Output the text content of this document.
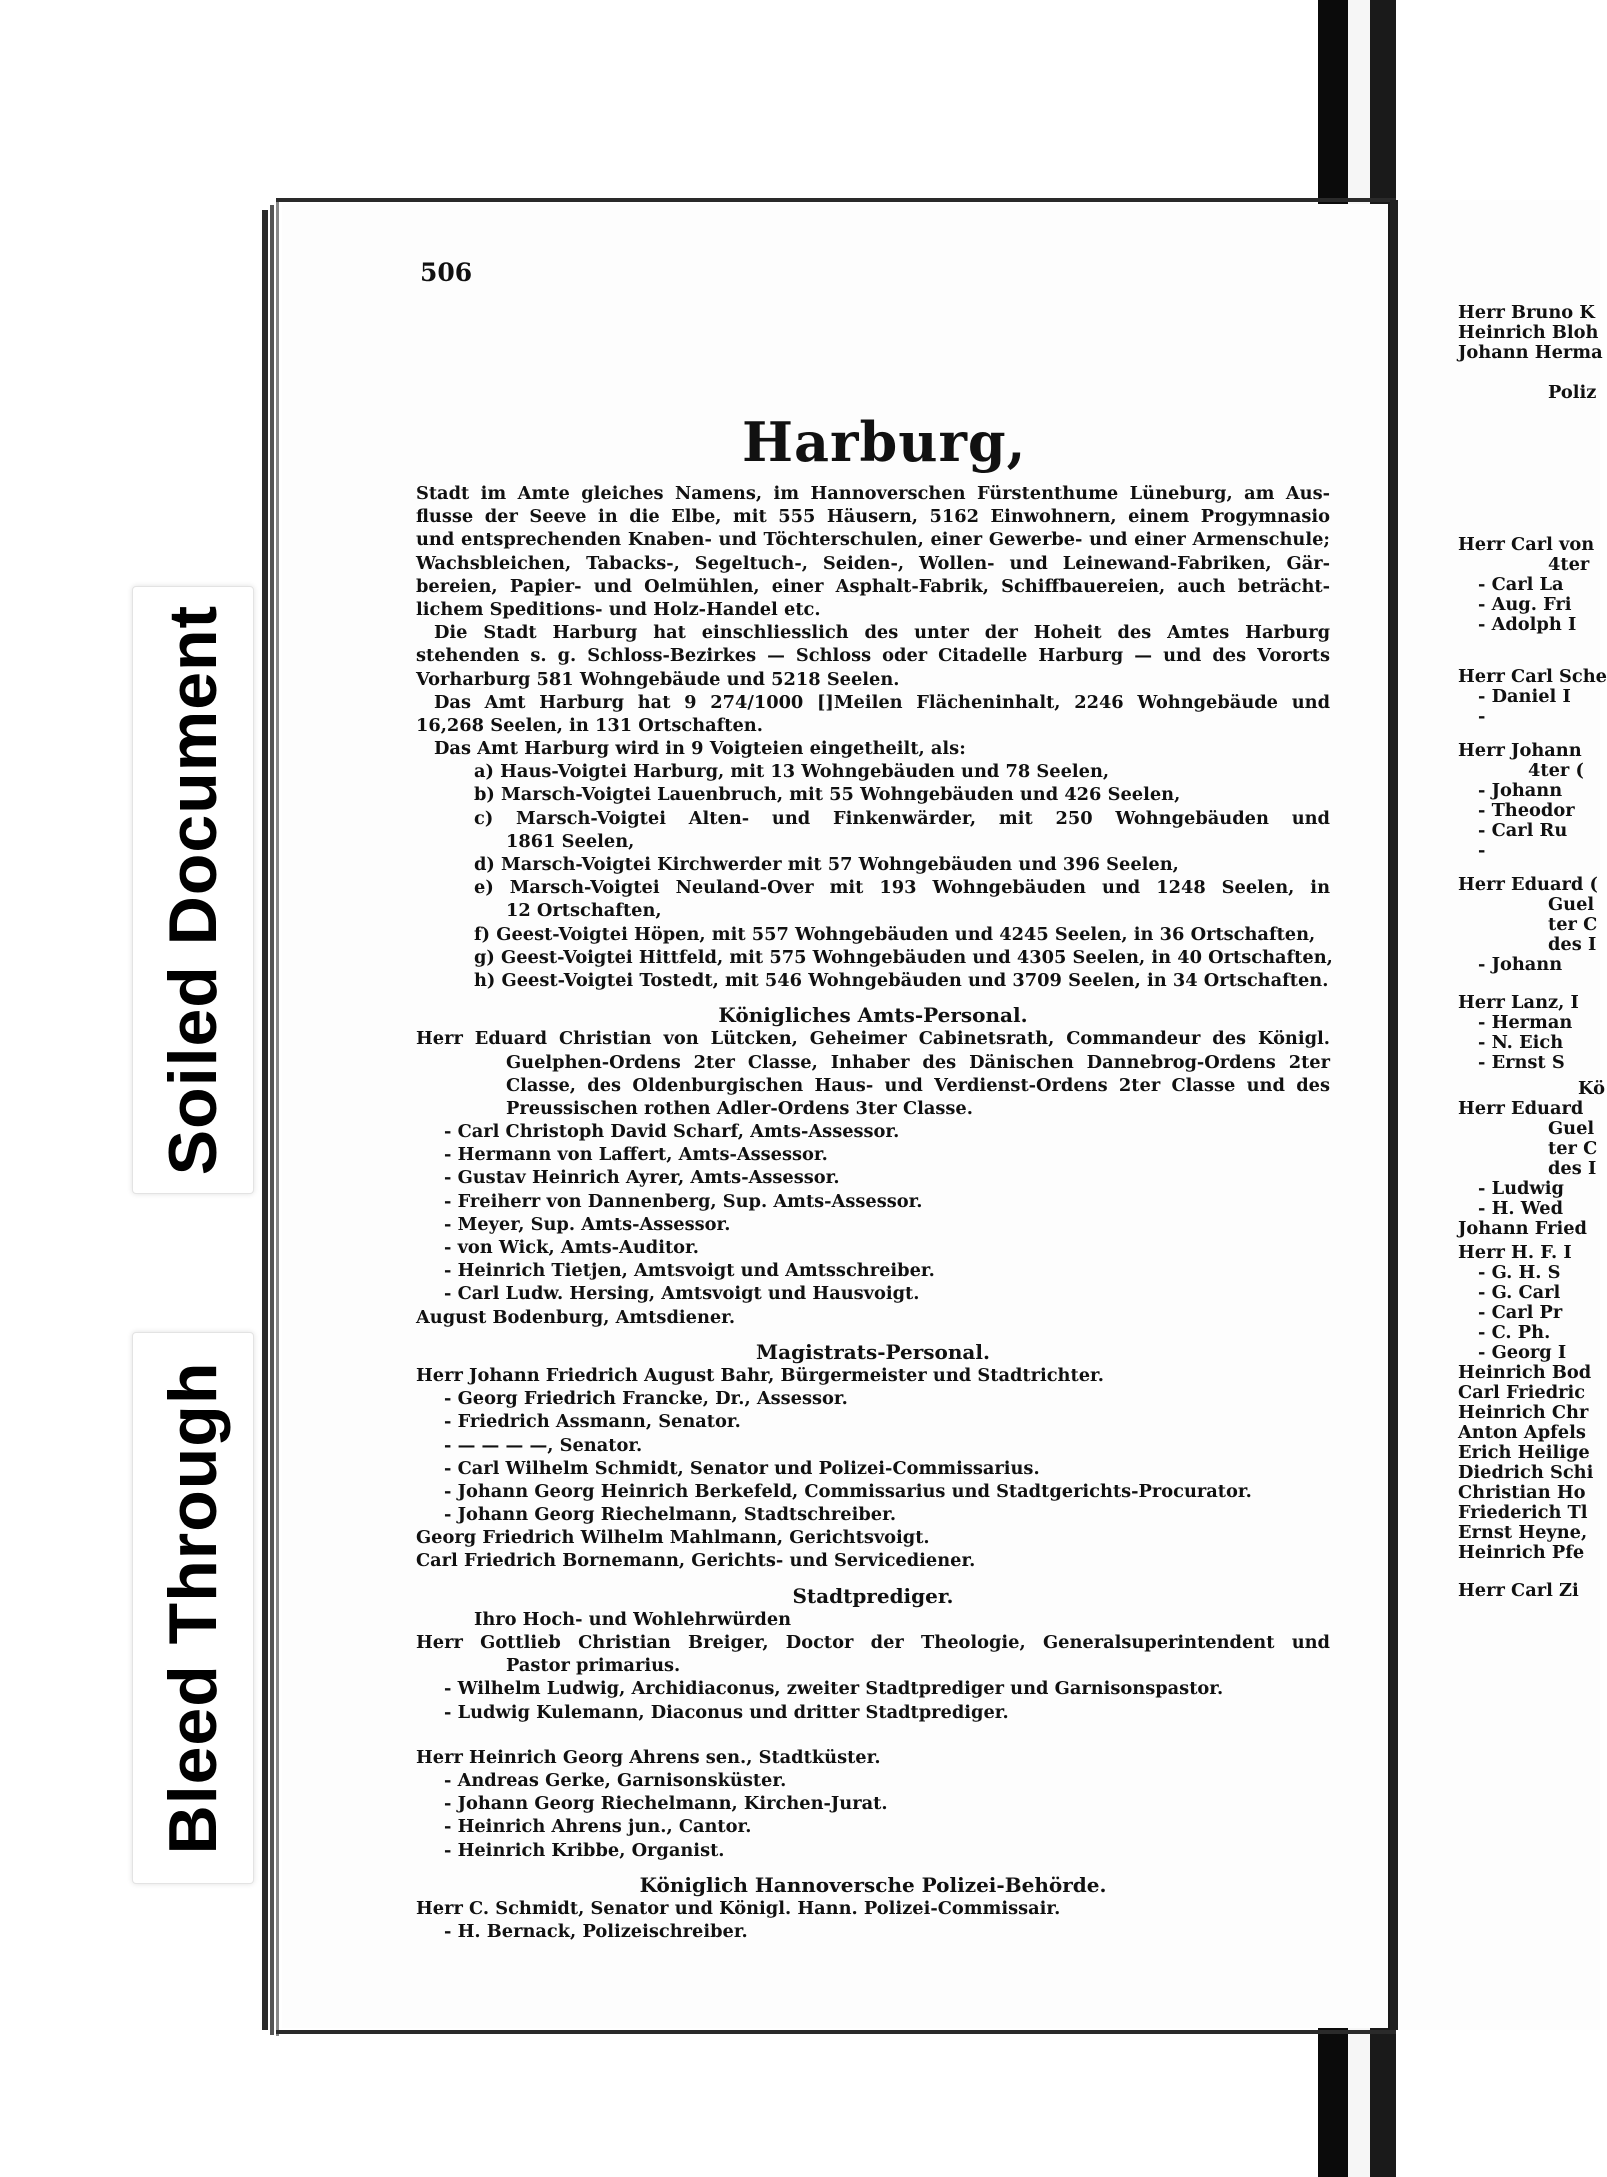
Soiled Document
Bleed Through
506
Harburg,
Stadt im Amte gleiches Namens, im Hannoverschen Fürstenthume Lüneburg, am Aus-
flusse der Seeve in die Elbe, mit 555 Häusern, 5162 Einwohnern, einem Progymnasio
und entsprechenden Knaben- und Töchterschulen, einer Gewerbe- und einer Armenschule;
Wachsbleichen, Tabacks-, Segeltuch-, Seiden-, Wollen- und Leinewand-Fabriken, Gär-
bereien, Papier- und Oelmühlen, einer Asphalt-Fabrik, Schiffbauereien, auch beträcht-
lichem Speditions- und Holz-Handel etc.
Die Stadt Harburg hat einschliesslich des unter der Hoheit des Amtes Harburg
stehenden s. g. Schloss-Bezirkes — Schloss oder Citadelle Harburg — und des Vororts
Vorharburg 581 Wohngebäude und 5218 Seelen.
Das Amt Harburg hat 9 274/1000 []Meilen Flächeninhalt, 2246 Wohngebäude und
16,268 Seelen, in 131 Ortschaften.
Das Amt Harburg wird in 9 Voigteien eingetheilt, als:
a) Haus-Voigtei Harburg, mit 13 Wohngebäuden und 78 Seelen,
b) Marsch-Voigtei Lauenbruch, mit 55 Wohngebäuden und 426 Seelen,
c) Marsch-Voigtei Alten- und Finkenwärder, mit 250 Wohngebäuden und
1861 Seelen,
d) Marsch-Voigtei Kirchwerder mit 57 Wohngebäuden und 396 Seelen,
e) Marsch-Voigtei Neuland-Over mit 193 Wohngebäuden und 1248 Seelen, in
12 Ortschaften,
f) Geest-Voigtei Höpen, mit 557 Wohngebäuden und 4245 Seelen, in 36 Ortschaften,
g) Geest-Voigtei Hittfeld, mit 575 Wohngebäuden und 4305 Seelen, in 40 Ortschaften,
h) Geest-Voigtei Tostedt, mit 546 Wohngebäuden und 3709 Seelen, in 34 Ortschaften.
Königliches Amts-Personal.
Herr Eduard Christian von Lütcken, Geheimer Cabinetsrath, Commandeur des Königl.
Guelphen-Ordens 2ter Classe, Inhaber des Dänischen Dannebrog-Ordens 2ter
Classe, des Oldenburgischen Haus- und Verdienst-Ordens 2ter Classe und des
Preussischen rothen Adler-Ordens 3ter Classe.
- Carl Christoph David Scharf, Amts-Assessor.
- Hermann von Laffert, Amts-Assessor.
- Gustav Heinrich Ayrer, Amts-Assessor.
- Freiherr von Dannenberg, Sup. Amts-Assessor.
- Meyer, Sup. Amts-Assessor.
- von Wick, Amts-Auditor.
- Heinrich Tietjen, Amtsvoigt und Amtsschreiber.
- Carl Ludw. Hersing, Amtsvoigt und Hausvoigt.
August Bodenburg, Amtsdiener.
Magistrats-Personal.
Herr Johann Friedrich August Bahr, Bürgermeister und Stadtrichter.
- Georg Friedrich Francke, Dr., Assessor.
- Friedrich Assmann, Senator.
- — — — —, Senator.
- Carl Wilhelm Schmidt, Senator und Polizei-Commissarius.
- Johann Georg Heinrich Berkefeld, Commissarius und Stadtgerichts-Procurator.
- Johann Georg Riechelmann, Stadtschreiber.
Georg Friedrich Wilhelm Mahlmann, Gerichtsvoigt.
Carl Friedrich Bornemann, Gerichts- und Servicediener.
Stadtprediger.
Ihro Hoch- und Wohlehrwürden
Herr Gottlieb Christian Breiger, Doctor der Theologie, Generalsuperintendent und
Pastor primarius.
- Wilhelm Ludwig, Archidiaconus, zweiter Stadtprediger und Garnisonspastor.
- Ludwig Kulemann, Diaconus und dritter Stadtprediger.
Herr Heinrich Georg Ahrens sen., Stadtküster.
- Andreas Gerke, Garnisonsküster.
- Johann Georg Riechelmann, Kirchen-Jurat.
- Heinrich Ahrens jun., Cantor.
- Heinrich Kribbe, Organist.
Königlich Hannoversche Polizei-Behörde.
Herr C. Schmidt, Senator und Königl. Hann. Polizei-Commissair.
- H. Bernack, Polizeischreiber.
Herr Bruno K
Heinrich Bloh
Johann Herma
Poliz
Herr Carl von
4ter
- Carl La
- Aug. Fri
- Adolph I
Herr Carl Sche
- Daniel I
-
Herr Johann
4ter (
- Johann
- Theodor
- Carl Ru
-
Herr Eduard (
Guel
ter C
des I
- Johann
Herr Lanz, I
- Herman
- N. Eich
- Ernst S
Kö
Herr Eduard
Guel
ter C
des I
- Ludwig
- H. Wed
Johann Fried
Herr H. F. I
- G. H. S
- G. Carl
- Carl Pr
- C. Ph.
- Georg I
Heinrich Bod
Carl Friedric
Heinrich Chr
Anton Apfels
Erich Heilige
Diedrich Schi
Christian Ho
Friederich Tl
Ernst Heyne,
Heinrich Pfe
Herr Carl Zi
